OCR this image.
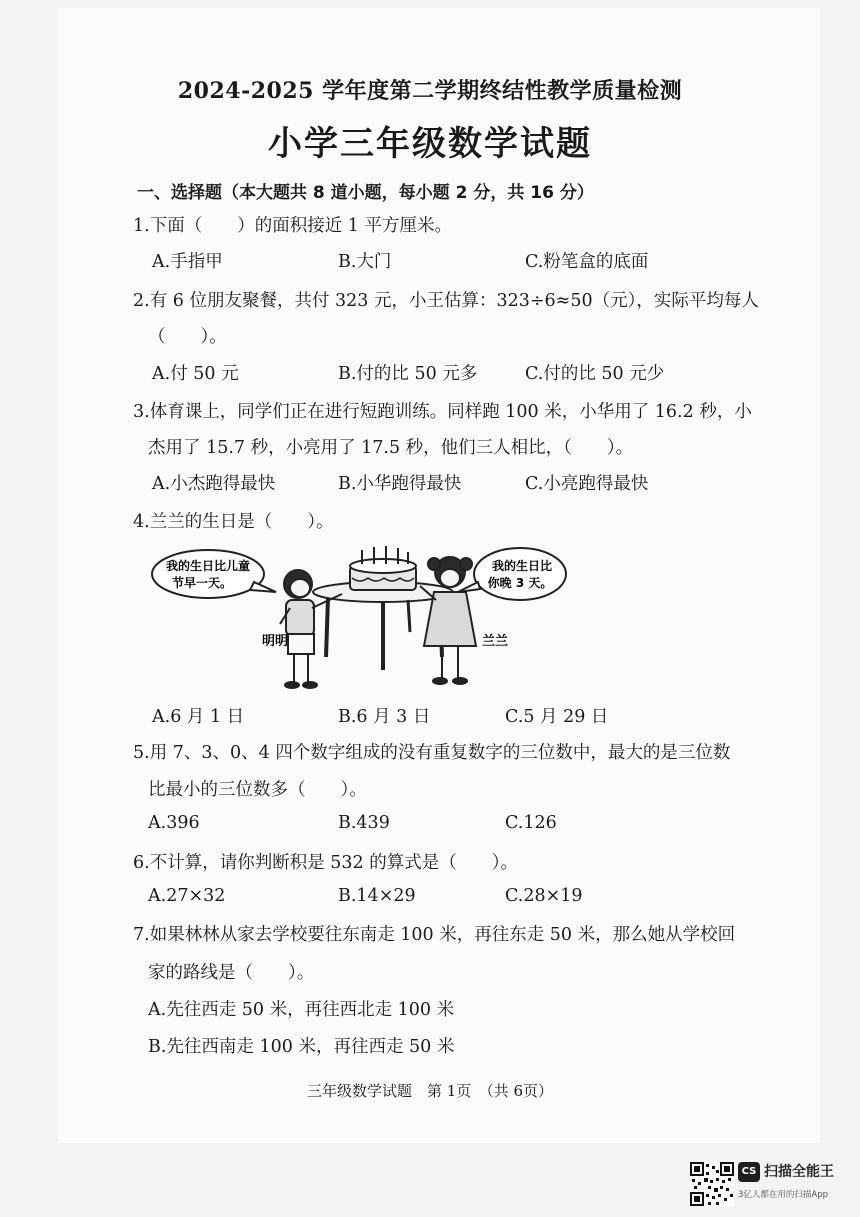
2024-2025 学年度第二学期终结性教学质量检测
小学三年级数学试题
一、选择题（本大题共 8 道小题，每小题 2 分，共 16 分）
1.下面（　　）的面积接近 1 平方厘米。
A.手指甲	B.大门	C.粉笔盒的底面
2.有 6 位朋友聚餐，共付 323 元，小王估算：323÷6≈50（元），实际平均每人
（　　）。
A.付 50 元	B.付的比 50 元多	C.付的比 50 元少
3.体育课上，同学们正在进行短跑训练。同样跑 100 米，小华用了 16.2 秒，小
杰用了 15.7 秒，小亮用了 17.5 秒，他们三人相比，（　　）。
A.小杰跑得最快	B.小华跑得最快	C.小亮跑得最快
4.兰兰的生日是（　　）。
我的生日比儿童
节早一天。
我的生日比
你晚 3 天。
明明	兰兰
A.6 月 1 日	B.6 月 3 日	C.5 月 29 日
5.用 7、3、0、4 四个数字组成的没有重复数字的三位数中，最大的是三位数
比最小的三位数多（　　）。
A.396	B.439	C.126
6.不计算，请你判断积是 532 的算式是（　　）。
A.27×32	B.14×29	C.28×19
7.如果林林从家去学校要往东南走 100 米，再往东走 50 米，那么她从学校回
家的路线是（　　）。
A.先往西走 50 米，再往西北走 100 米
B.先往西南走 100 米，再往西走 50 米
三年级数学试题　第 1页　（共 6页）
CS 扫描全能王
3亿人都在用的扫描App
